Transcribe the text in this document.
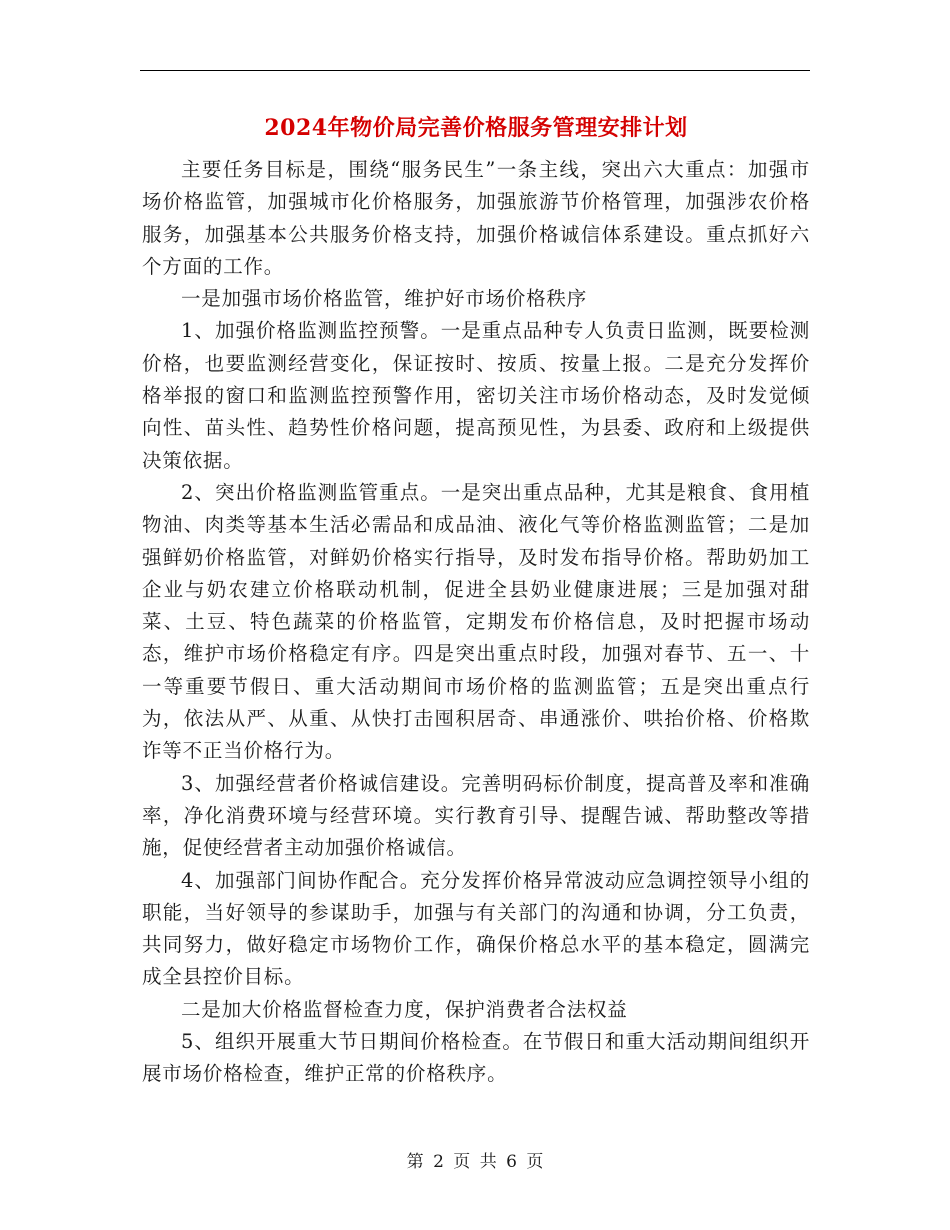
2024年物价局完善价格服务管理安排计划

主要任务目标是，围绕“服务民生”一条主线，突出六大重点：加强市场价格监管，加强城市化价格服务，加强旅游节价格管理，加强涉农价格服务，加强基本公共服务价格支持，加强价格诚信体系建设。重点抓好六个方面的工作。

一是加强市场价格监管，维护好市场价格秩序

1、加强价格监测监控预警。一是重点品种专人负责日监测，既要检测价格，也要监测经营变化，保证按时、按质、按量上报。二是充分发挥价格举报的窗口和监测监控预警作用，密切关注市场价格动态，及时发觉倾向性、苗头性、趋势性价格问题，提高预见性，为县委、政府和上级提供决策依据。

2、突出价格监测监管重点。一是突出重点品种，尤其是粮食、食用植物油、肉类等基本生活必需品和成品油、液化气等价格监测监管；二是加强鲜奶价格监管，对鲜奶价格实行指导，及时发布指导价格。帮助奶加工企业与奶农建立价格联动机制，促进全县奶业健康进展；三是加强对甜菜、土豆、特色蔬菜的价格监管，定期发布价格信息，及时把握市场动态，维护市场价格稳定有序。四是突出重点时段，加强对春节、五一、十一等重要节假日、重大活动期间市场价格的监测监管；五是突出重点行为，依法从严、从重、从快打击囤积居奇、串通涨价、哄抬价格、价格欺诈等不正当价格行为。

3、加强经营者价格诚信建设。完善明码标价制度，提高普及率和准确率，净化消费环境与经营环境。实行教育引导、提醒告诫、帮助整改等措施，促使经营者主动加强价格诚信。

4、加强部门间协作配合。充分发挥价格异常波动应急调控领导小组的职能，当好领导的参谋助手，加强与有关部门的沟通和协调，分工负责，共同努力，做好稳定市场物价工作，确保价格总水平的基本稳定，圆满完成全县控价目标。

二是加大价格监督检查力度，保护消费者合法权益

5、组织开展重大节日期间价格检查。在节假日和重大活动期间组织开展市场价格检查，维护正常的价格秩序。

第 2 页 共 6 页
